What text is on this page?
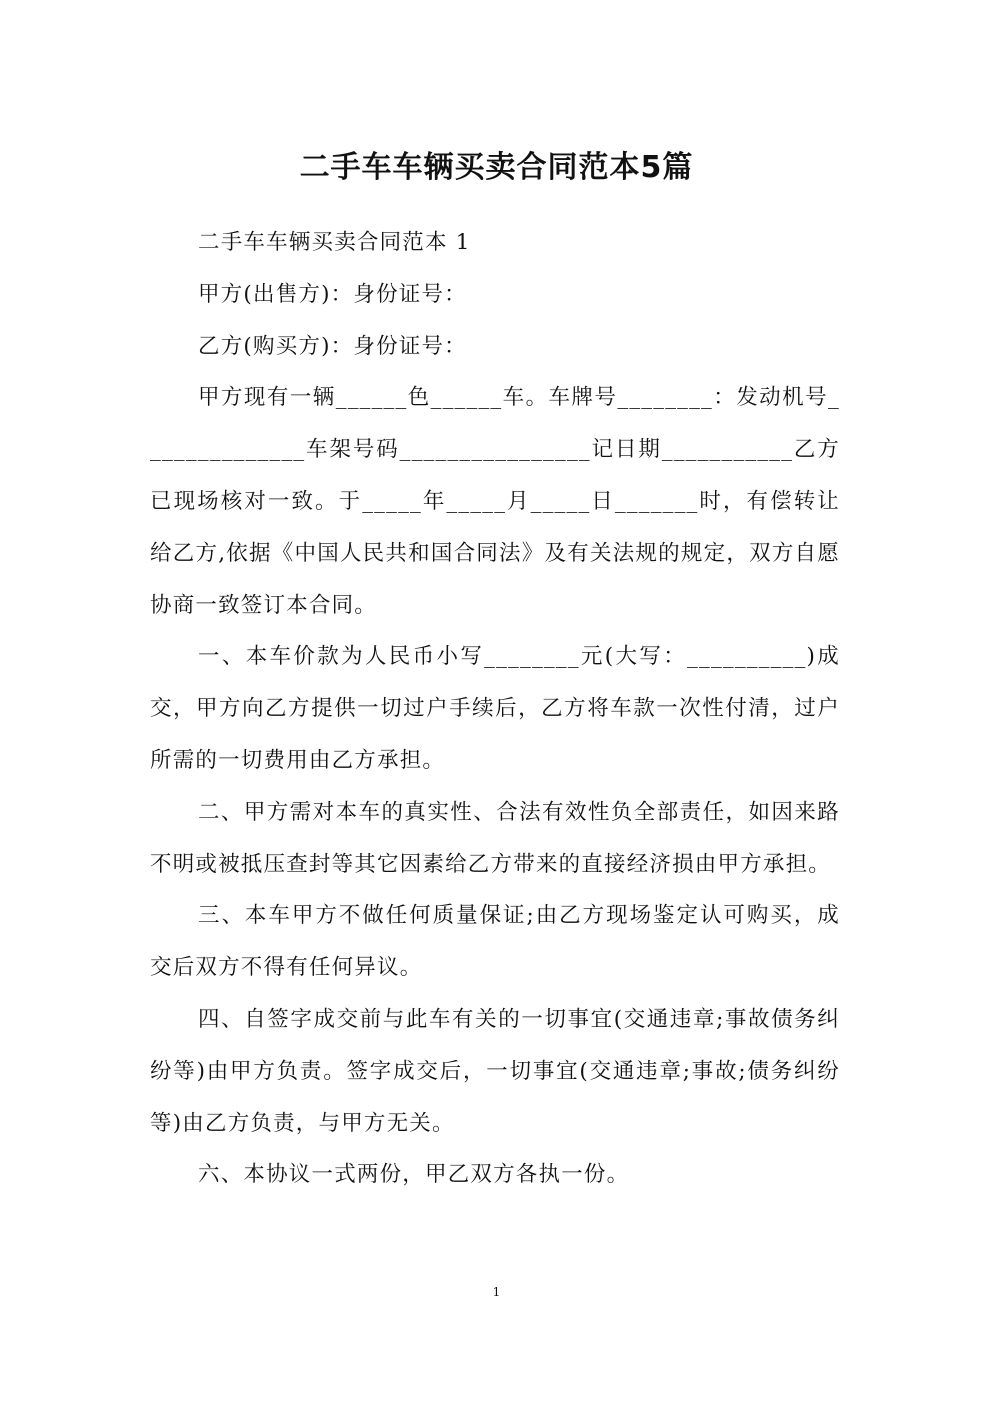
二手车车辆买卖合同范本5篇

二手车车辆买卖合同范本 1

甲方(出售方)：身份证号：

乙方(购买方)：身份证号：

甲方现有一辆______色______车。车牌号________：发动机号______________车架号码________________记日期___________乙方已现场核对一致。于_____年_____月_____日_______时，有偿转让给乙方,依据《中国人民共和国合同法》及有关法规的规定，双方自愿协商一致签订本合同。

一、本车价款为人民币小写________元(大写：__________)成交，甲方向乙方提供一切过户手续后，乙方将车款一次性付清，过户所需的一切费用由乙方承担。

二、甲方需对本车的真实性、合法有效性负全部责任，如因来路不明或被抵压查封等其它因素给乙方带来的直接经济损由甲方承担。

三、本车甲方不做任何质量保证;由乙方现场鉴定认可购买，成交后双方不得有任何异议。

四、自签字成交前与此车有关的一切事宜(交通违章;事故债务纠纷等)由甲方负责。签字成交后，一切事宜(交通违章;事故;债务纠纷等)由乙方负责，与甲方无关。

六、本协议一式两份，甲乙双方各执一份。

1
